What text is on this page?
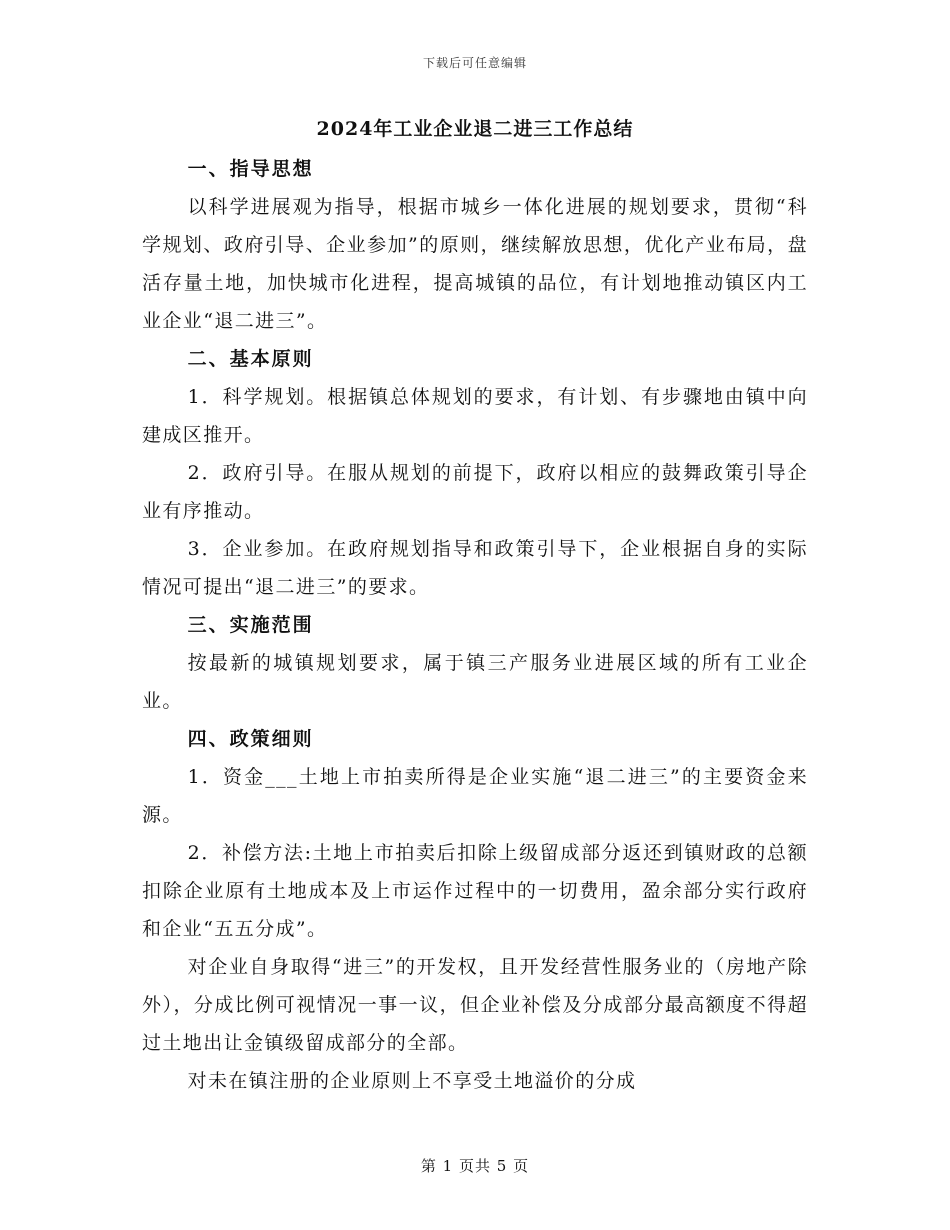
下载后可任意编辑
2024年工业企业退二进三工作总结
一、指导思想

以科学进展观为指导，根据市城乡一体化进展的规划要求，贯彻“科学规划、政府引导、企业参加”的原则，继续解放思想，优化产业布局，盘活存量土地，加快城市化进程，提高城镇的品位，有计划地推动镇区内工业企业“退二进三”。

二、基本原则

1．科学规划。根据镇总体规划的要求，有计划、有步骤地由镇中向建成区推开。

2．政府引导。在服从规划的前提下，政府以相应的鼓舞政策引导企业有序推动。

3．企业参加。在政府规划指导和政策引导下，企业根据自身的实际情况可提出“退二进三”的要求。

三、实施范围

按最新的城镇规划要求，属于镇三产服务业进展区域的所有工业企业。

四、政策细则

1．资金___土地上市拍卖所得是企业实施“退二进三”的主要资金来源。

2．补偿方法:土地上市拍卖后扣除上级留成部分返还到镇财政的总额扣除企业原有土地成本及上市运作过程中的一切费用，盈余部分实行政府和企业“五五分成”。

对企业自身取得“进三”的开发权，且开发经营性服务业的（房地产除外），分成比例可视情况一事一议，但企业补偿及分成部分最高额度不得超过土地出让金镇级留成部分的全部。

对未在镇注册的企业原则上不享受土地溢价的分成

第 1 页共 5 页
